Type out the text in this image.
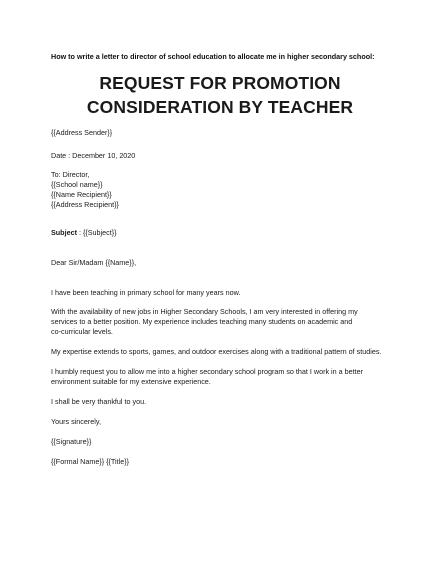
How to write a letter to director of school education to allocate me in higher secondary school:
REQUEST FOR PROMOTION
CONSIDERATION BY TEACHER
{{Address Sender}}
Date : December 10, 2020
To: Director,
{{School name}}
{{Name Recipient}}
{{Address Recipient}}
Subject : {{Subject}}
Dear Sir/Madam {{Name}},
I have been teaching in primary school for many years now.
With the availability of new jobs in Higher Secondary Schools, I am very interested in offering my
services to a better position. My experience includes teaching many students on academic and
co-curricular levels.
My expertise extends to sports, games, and outdoor exercises along with a traditional pattern of studies.
I humbly request you to allow me into a higher secondary school program so that I work in a better
environment suitable for my extensive experience.
I shall be very thankful to you.
Yours sincerely,
{{Signature}}
{{Formal Name}} {{Title}}
